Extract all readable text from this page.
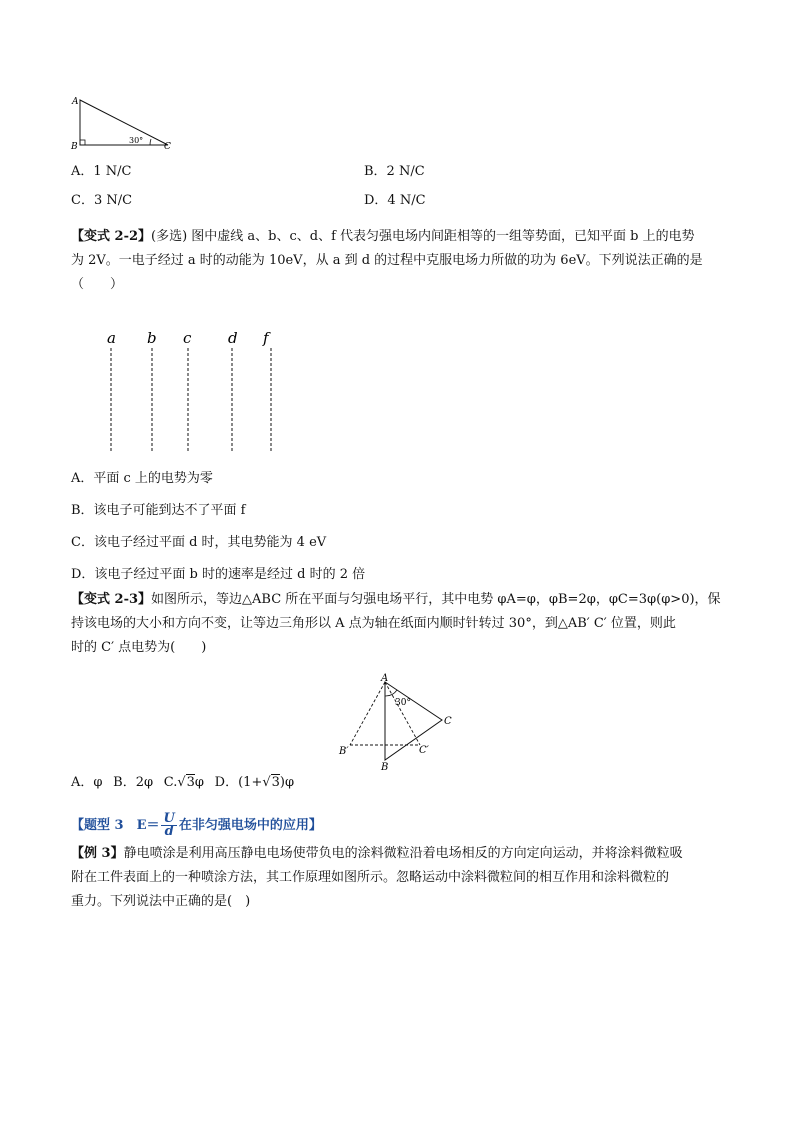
A
B	C
30°
A．1 N/C	B．2 N/C
C．3 N/C	D．4 N/C
【变式 2-2】(多选) 图中虚线 a、b、c、d、f 代表匀强电场内间距相等的一组等势面，已知平面 b 上的电势
为 2V。一电子经过 a 时的动能为 10eV，从 a 到 d 的过程中克服电场力所做的功为 6eV。下列说法正确的是
（　　）
a b c d f
A．平面 c 上的电势为零
B．该电子可能到达不了平面 f
C．该电子经过平面 d 时，其电势能为 4 eV
D．该电子经过平面 b 时的速率是经过 d 时的 2 倍
【变式 2-3】如图所示，等边△ABC 所在平面与匀强电场平行，其中电势 φA=φ，φB=2φ，φC=3φ(φ>0)，保
持该电场的大小和方向不变，让等边三角形以 A 点为轴在纸面内顺时针转过 30°，到△AB′ C′ 位置，则此
时的 C′ 点电势为(　　)
A
C
B
B′	C′
30°
A．φ  B．2φ  C.√3φ  D．(1+√3)φ
【题型 3　$E= \frac{U}{d}$ 在非匀强电场中的应用】
【例 3】静电喷涂是利用高压静电电场使带负电的涂料微粒沿着电场相反的方向定向运动，并将涂料微粒吸
附在工件表面上的一种喷涂方法，其工作原理如图所示。忽略运动中涂料微粒间的相互作用和涂料微粒的
重力。下列说法中正确的是(　)
